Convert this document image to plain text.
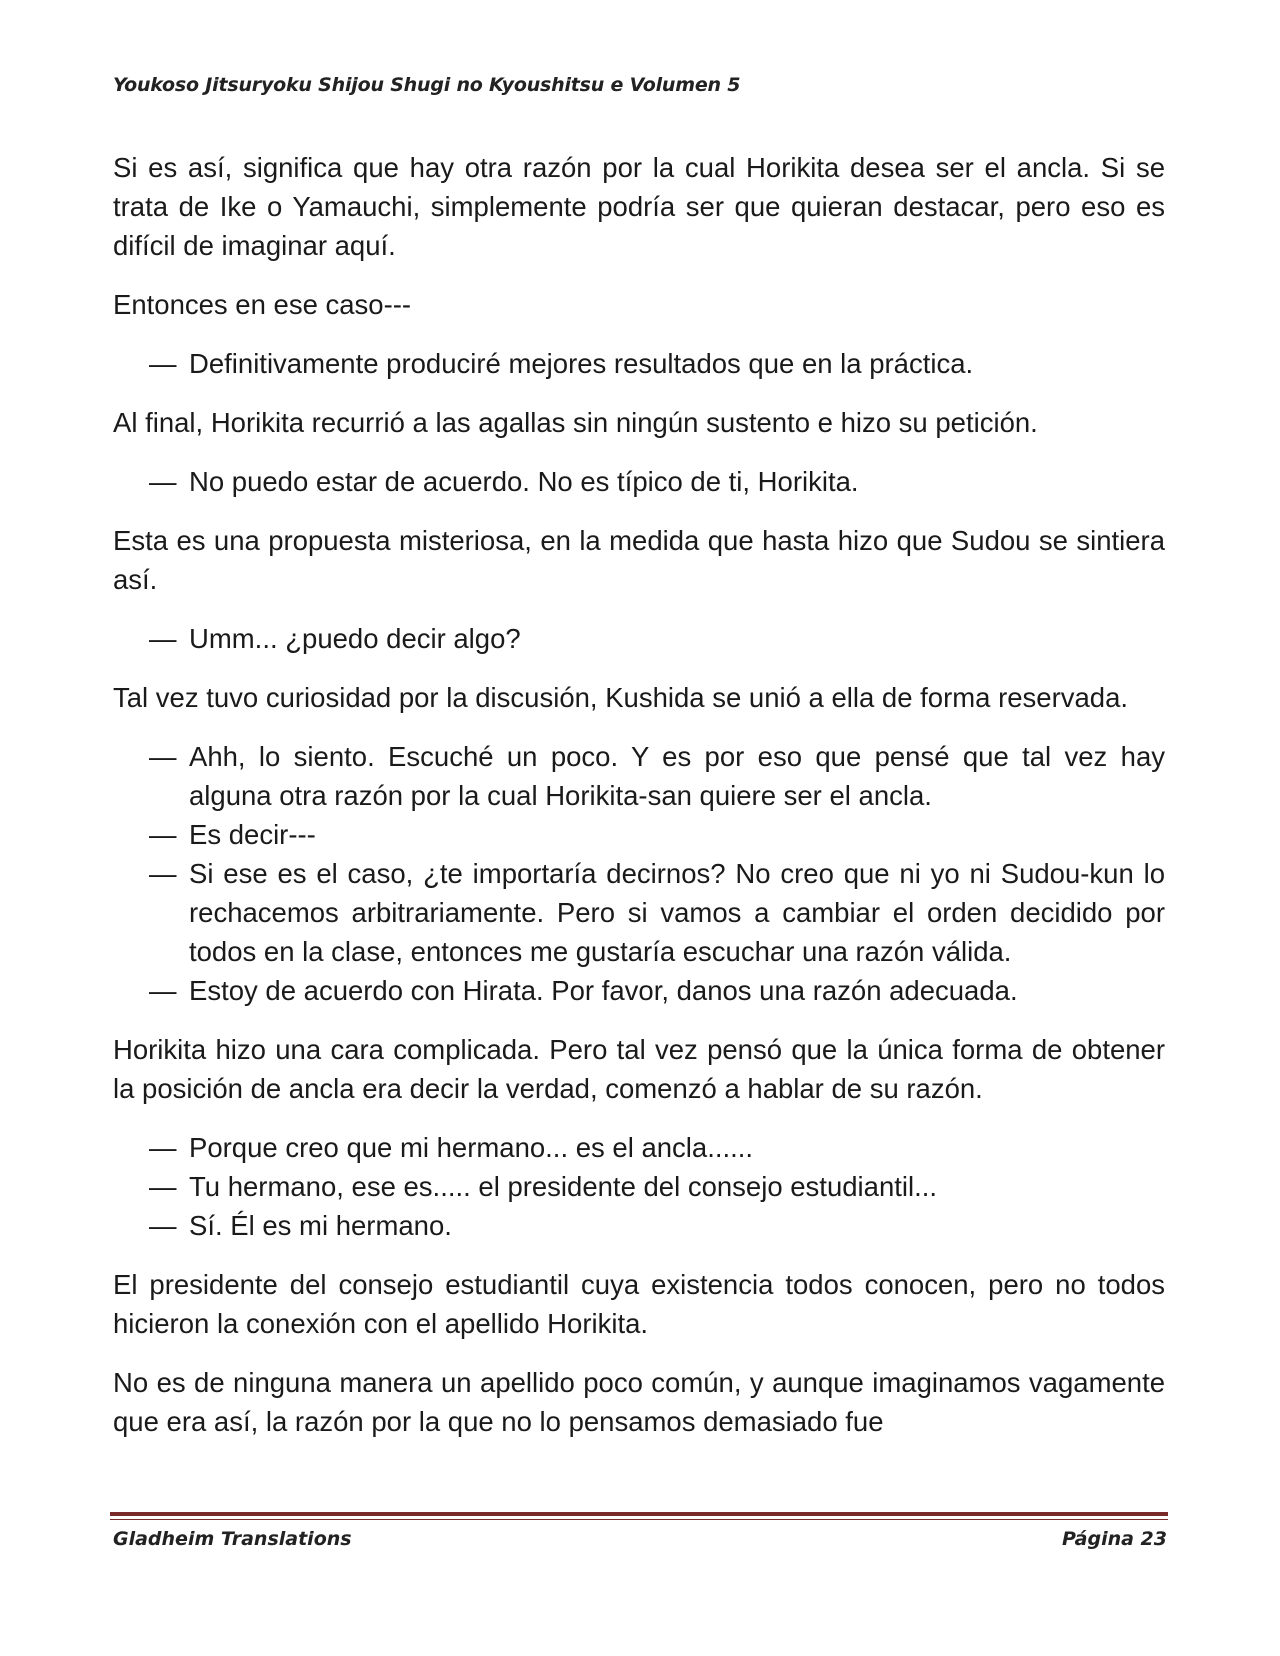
Youkoso Jitsuryoku Shijou Shugi no Kyoushitsu e Volumen 5

Si es así, significa que hay otra razón por la cual Horikita desea ser el ancla. Si se trata de Ike o Yamauchi, simplemente podría ser que quieran destacar, pero eso es difícil de imaginar aquí.

Entonces en ese caso---

— Definitivamente produciré mejores resultados que en la práctica.

Al final, Horikita recurrió a las agallas sin ningún sustento e hizo su petición.

— No puedo estar de acuerdo. No es típico de ti, Horikita.

Esta es una propuesta misteriosa, en la medida que hasta hizo que Sudou se sintiera así.

— Umm... ¿puedo decir algo?

Tal vez tuvo curiosidad por la discusión, Kushida se unió a ella de forma reservada.

— Ahh, lo siento. Escuché un poco. Y es por eso que pensé que tal vez hay alguna otra razón por la cual Horikita-san quiere ser el ancla.

— Es decir---

— Si ese es el caso, ¿te importaría decirnos? No creo que ni yo ni Sudou-kun lo rechacemos arbitrariamente. Pero si vamos a cambiar el orden decidido por todos en la clase, entonces me gustaría escuchar una razón válida.

— Estoy de acuerdo con Hirata. Por favor, danos una razón adecuada.

Horikita hizo una cara complicada. Pero tal vez pensó que la única forma de obtener la posición de ancla era decir la verdad, comenzó a hablar de su razón.

— Porque creo que mi hermano... es el ancla......

— Tu hermano, ese es..... el presidente del consejo estudiantil...

— Sí. Él es mi hermano.

El presidente del consejo estudiantil cuya existencia todos conocen, pero no todos hicieron la conexión con el apellido Horikita.

No es de ninguna manera un apellido poco común, y aunque imaginamos vagamente que era así, la razón por la que no lo pensamos demasiado fue

Gladheim Translations	Página 23
